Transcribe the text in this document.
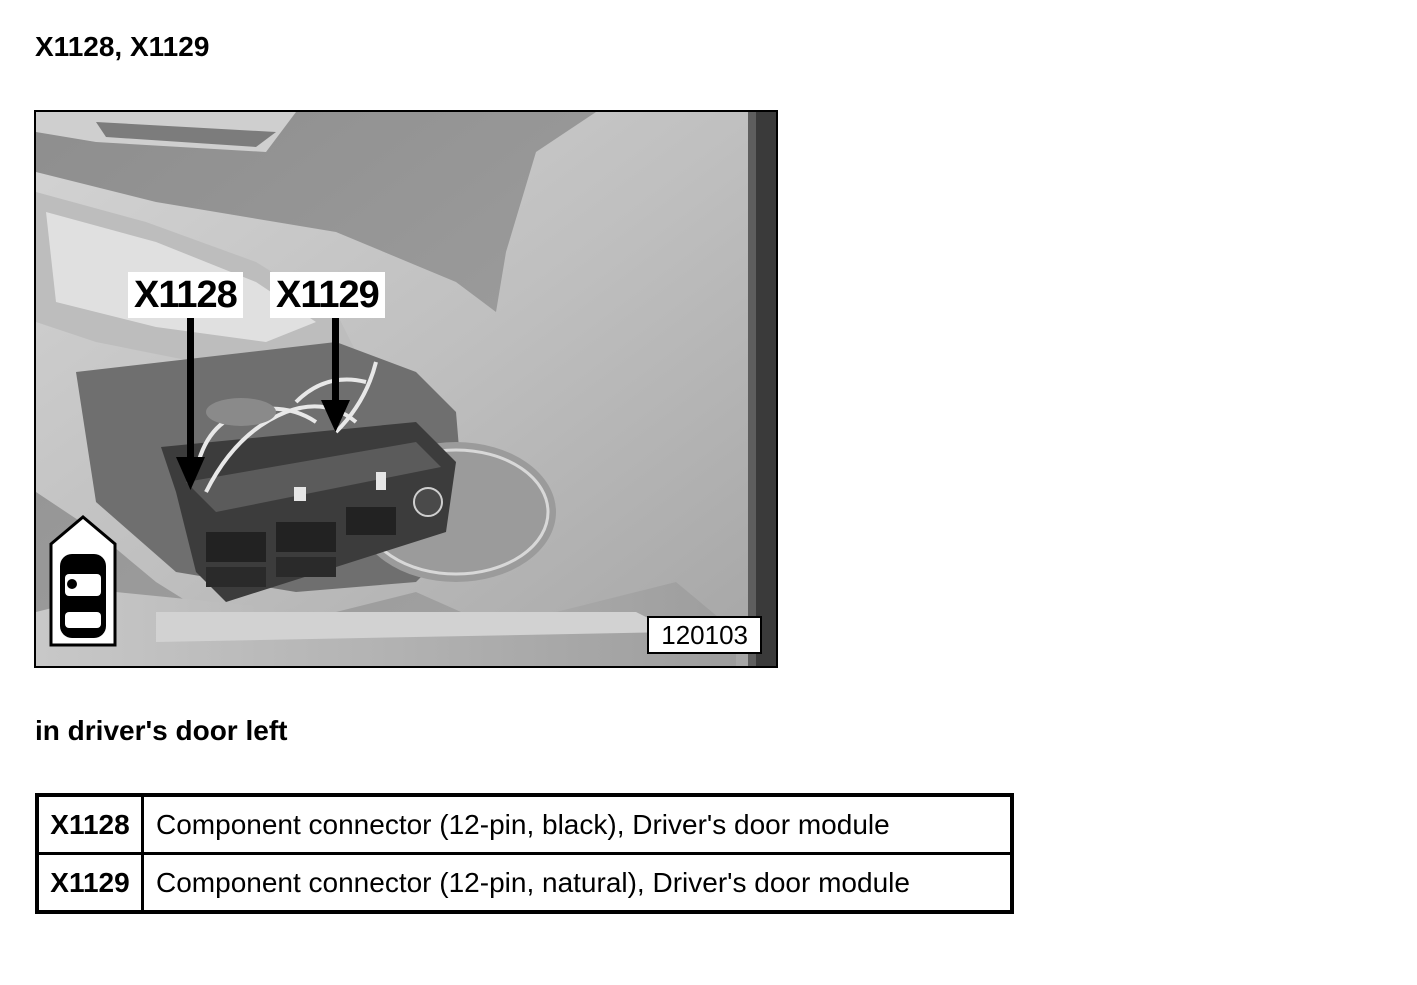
X1128, X1129
X1128 X1129
120103
in driver's door left
X1128	Component connector (12-pin, black), Driver's door module
X1129	Component connector (12-pin, natural), Driver's door module
